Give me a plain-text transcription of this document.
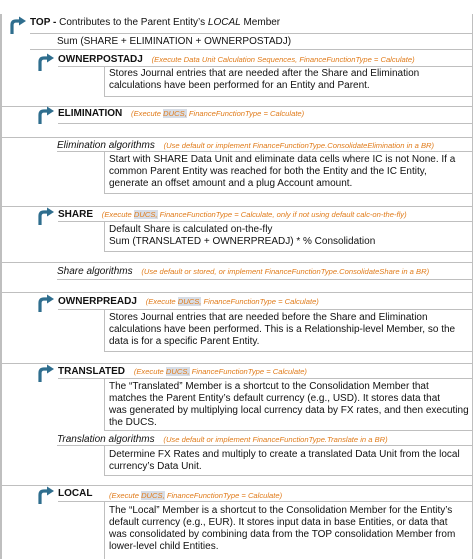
TOP - Contributes to the Parent Entity’s LOCAL Member
Sum (SHARE + ELIMINATION + OWNERPOSTADJ)
OWNERPOSTADJ (Execute Data Unit Calculation Sequences, FinanceFunctionType = Calculate)
Stores Journal entries that are needed after the Share and Elimination
calculations have been performed for an Entity and Parent.
ELIMINATION (Execute DUCS, FinanceFunctionType = Calculate)
Elimination algorithms (Use default or implement FinanceFunctionType.ConsolidateElimination in a BR)
Start with SHARE Data Unit and eliminate data cells where IC is not None. If a
common Parent Entity was reached for both the Entity and the IC Entity,
generate an offset amount and a plug Account amount.
SHARE (Execute DUCS, FinanceFunctionType = Calculate, only if not using default calc-on-the-fly)
Default Share is calculated on-the-fly
Sum (TRANSLATED + OWNERPREADJ) * % Consolidation
Share algorithms (Use default or stored, or implement FinanceFunctionType.ConsolidateShare in a BR)
OWNERPREADJ (Execute DUCS, FinanceFunctionType = Calculate)
Stores Journal entries that are needed before the Share and Elimination
calculations have been performed. This is a Relationship-level Member, so the
data is for a specific Parent Entity.
TRANSLATED (Execute DUCS, FinanceFunctionType = Calculate)
The “Translated” Member is a shortcut to the Consolidation Member that
matches the Parent Entity’s default currency (e.g., USD). It stores data that
was generated by multiplying local currency data by FX rates, and then executing
the DUCS.
Translation algorithms (Use default or implement FinanceFunctionType.Translate in a BR)
Determine FX Rates and multiply to create a translated Data Unit from the local
currency’s Data Unit.
LOCAL (Execute DUCS, FinanceFunctionType = Calculate)
The “Local” Member is a shortcut to the Consolidation Member for the Entity’s
default currency (e.g., EUR). It stores input data in base Entities, or data that
was consolidated by combining data from the TOP consolidation Member from
lower-level child Entities.
